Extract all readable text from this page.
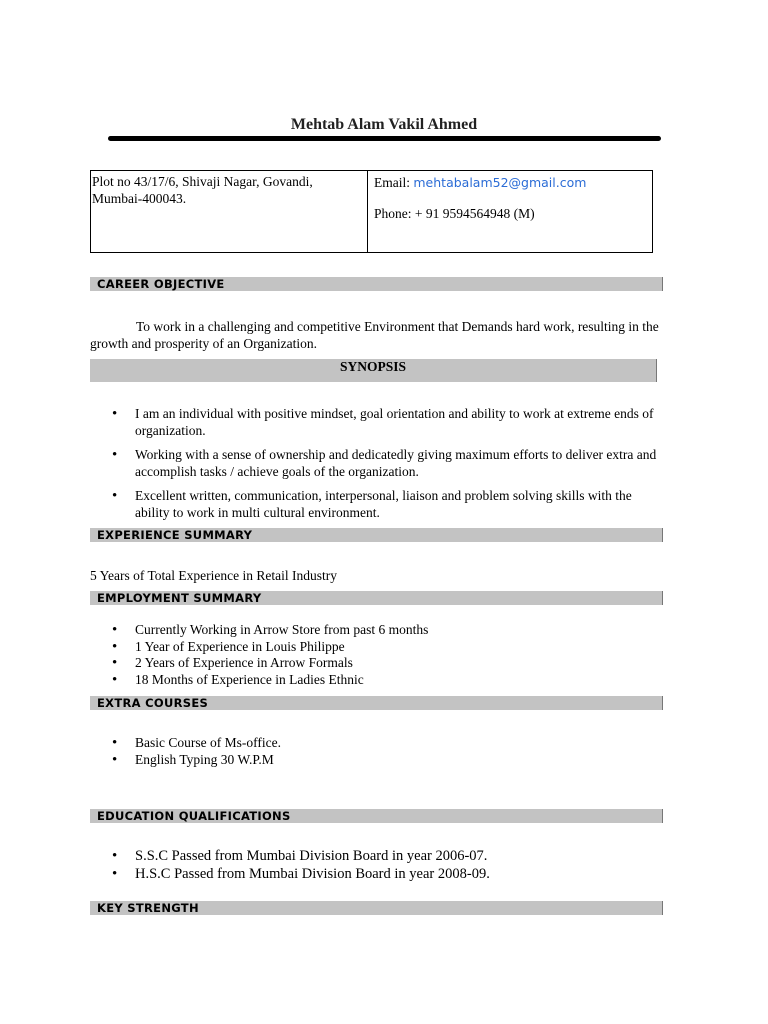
Mehtab Alam Vakil Ahmed
Plot no 43/17/6, Shivaji Nagar, Govandi,
Mumbai-400043.
Email: mehtabalam52@gmail.com
Phone: + 91 9594564948 (M)
CAREER OBJECTIVE
To work in a challenging and competitive Environment that Demands hard work, resulting in the
growth and prosperity of an Organization.
SYNOPSIS
• I am an individual with positive mindset, goal orientation and ability to work at extreme ends of
organization.
• Working with a sense of ownership and dedicatedly giving maximum efforts to deliver extra and
accomplish tasks / achieve goals of the organization.
• Excellent written, communication, interpersonal, liaison and problem solving skills with the
ability to work in multi cultural environment.
EXPERIENCE SUMMARY
5 Years of Total Experience in Retail Industry
EMPLOYMENT SUMMARY
• Currently Working in Arrow Store from past 6 months
• 1 Year of Experience in Louis Philippe
• 2 Years of Experience in Arrow Formals
• 18 Months of Experience in Ladies Ethnic
EXTRA COURSES
• Basic Course of Ms-office.
• English Typing 30 W.P.M
EDUCATION QUALIFICATIONS
• S.S.C Passed from Mumbai Division Board in year 2006-07.
• H.S.C Passed from Mumbai Division Board in year 2008-09.
KEY STRENGTH
